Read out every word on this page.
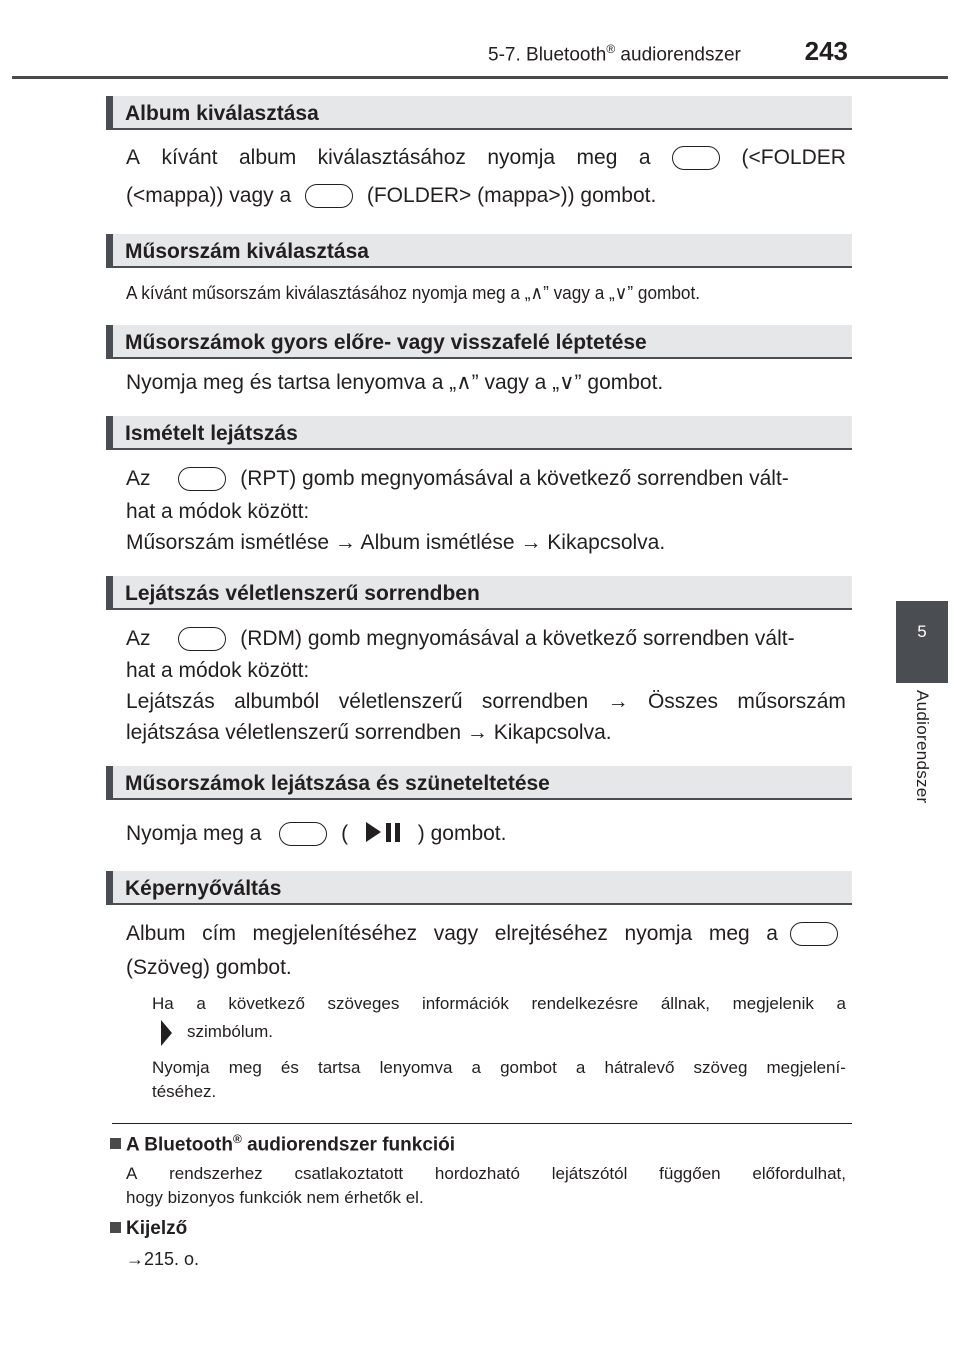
5-7. Bluetooth® audiorendszer 243
5
Audiorendszer
Album kiválasztása
A kívánt album kiválasztásához nyomja meg a	(<FOLDER
(<mappa)) vagy a	(FOLDER> (mappa>)) gombot.
Műsorszám kiválasztása
A kívánt műsorszám kiválasztásához nyomja meg a „∧” vagy a „∨” gombot.
Műsorszámok gyors előre- vagy visszafelé léptetése
Nyomja meg és tartsa lenyomva a „∧” vagy a „∨” gombot.
Ismételt lejátszás
Az	(RPT) gomb megnyomásával a következő sorrendben vált-
hat a módok között:
Műsorszám ismétlése → Album ismétlése → Kikapcsolva.
Lejátszás véletlenszerű sorrendben
Az	(RDM) gomb megnyomásával a következő sorrendben vált-
hat a módok között:
Lejátszás albumból véletlenszerű sorrendben → Összes műsorszám
lejátszása véletlenszerű sorrendben → Kikapcsolva.
Műsorszámok lejátszása és szüneteltetése
Nyomja meg a	(	) gombot.
Képernyőváltás
Album cím megjelenítéséhez vagy elrejtéséhez nyomja meg a
(Szöveg) gombot.
Ha a következő szöveges információk rendelkezésre állnak, megjelenik a
szimbólum.
Nyomja meg és tartsa lenyomva a gombot a hátralevő szöveg megjelení-
téséhez.
A Bluetooth® audiorendszer funkciói
A rendszerhez csatlakoztatott hordozható lejátszótól függően előfordulhat,
hogy bizonyos funkciók nem érhetők el.
Kijelző
→215. o.
